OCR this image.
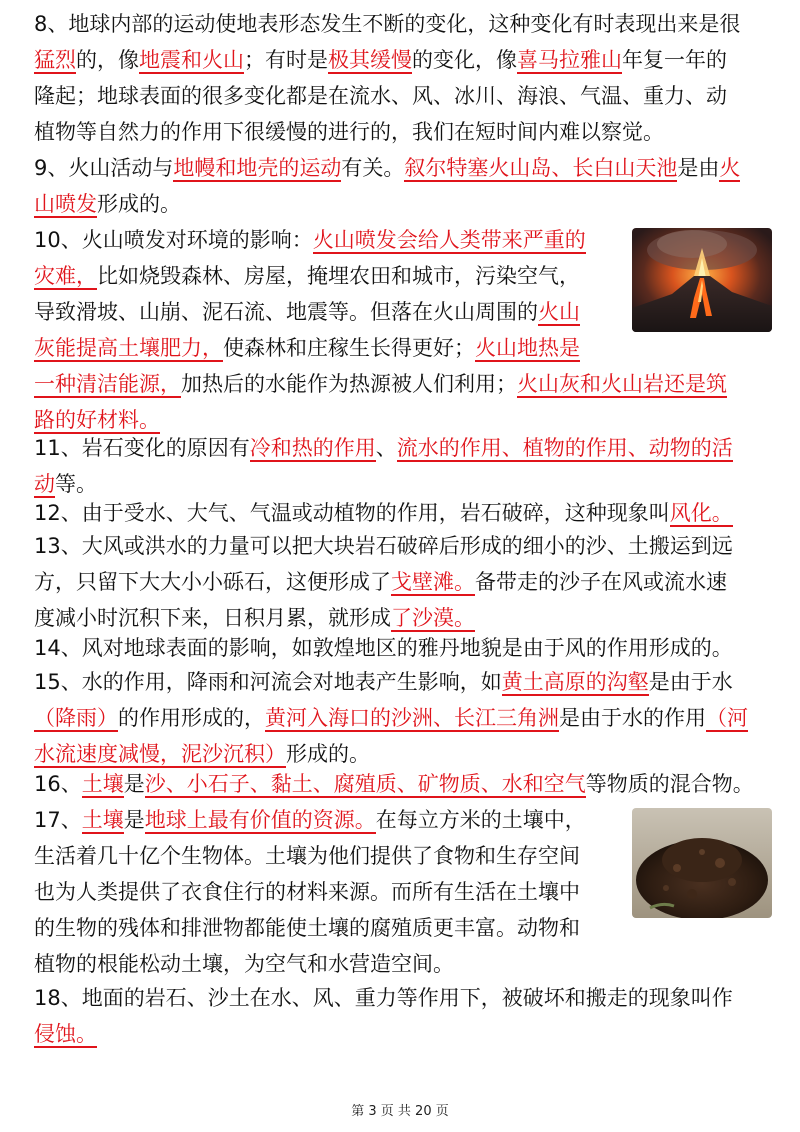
8、地球内部的运动使地表形态发生不断的变化，这种变化有时表现出来是很
猛烈的，像地震和火山；有时是极其缓慢的变化，像喜马拉雅山年复一年的
隆起；地球表面的很多变化都是在流水、风、冰川、海浪、气温、重力、动
植物等自然力的作用下很缓慢的进行的，我们在短时间内难以察觉。
9、火山活动与地幔和地壳的运动有关。叙尔特塞火山岛、长白山天池是由火
山喷发形成的。
10、火山喷发对环境的影响：火山喷发会给人类带来严重的
灾难，比如烧毁森林、房屋，掩埋农田和城市，污染空气，
导致滑坡、山崩、泥石流、地震等。但落在火山周围的火山
灰能提高土壤肥力，使森林和庄稼生长得更好；火山地热是
一种清洁能源，加热后的水能作为热源被人们利用；火山灰和火山岩还是筑
路的好材料。
11、岩石变化的原因有冷和热的作用、流水的作用、植物的作用、动物的活
动等。
12、由于受水、大气、气温或动植物的作用，岩石破碎，这种现象叫风化。
13、大风或洪水的力量可以把大块岩石破碎后形成的细小的沙、土搬运到远
方，只留下大大小小砾石，这便形成了戈壁滩。备带走的沙子在风或流水速
度减小时沉积下来，日积月累，就形成了沙漠。
14、风对地球表面的影响，如敦煌地区的雅丹地貌是由于风的作用形成的。
15、水的作用，降雨和河流会对地表产生影响，如黄土高原的沟壑是由于水
（降雨）的作用形成的，黄河入海口的沙洲、长江三角洲是由于水的作用（河
水流速度减慢，泥沙沉积）形成的。
16、土壤是沙、小石子、黏土、腐殖质、矿物质、水和空气等物质的混合物。
17、土壤是地球上最有价值的资源。在每立方米的土壤中，
生活着几十亿个生物体。土壤为他们提供了食物和生存空间
也为人类提供了衣食住行的材料来源。而所有生活在土壤中
的生物的残体和排泄物都能使土壤的腐殖质更丰富。动物和
植物的根能松动土壤，为空气和水营造空间。
18、地面的岩石、沙土在水、风、重力等作用下，被破坏和搬走的现象叫作
侵蚀。
第 3 页 共 20 页
